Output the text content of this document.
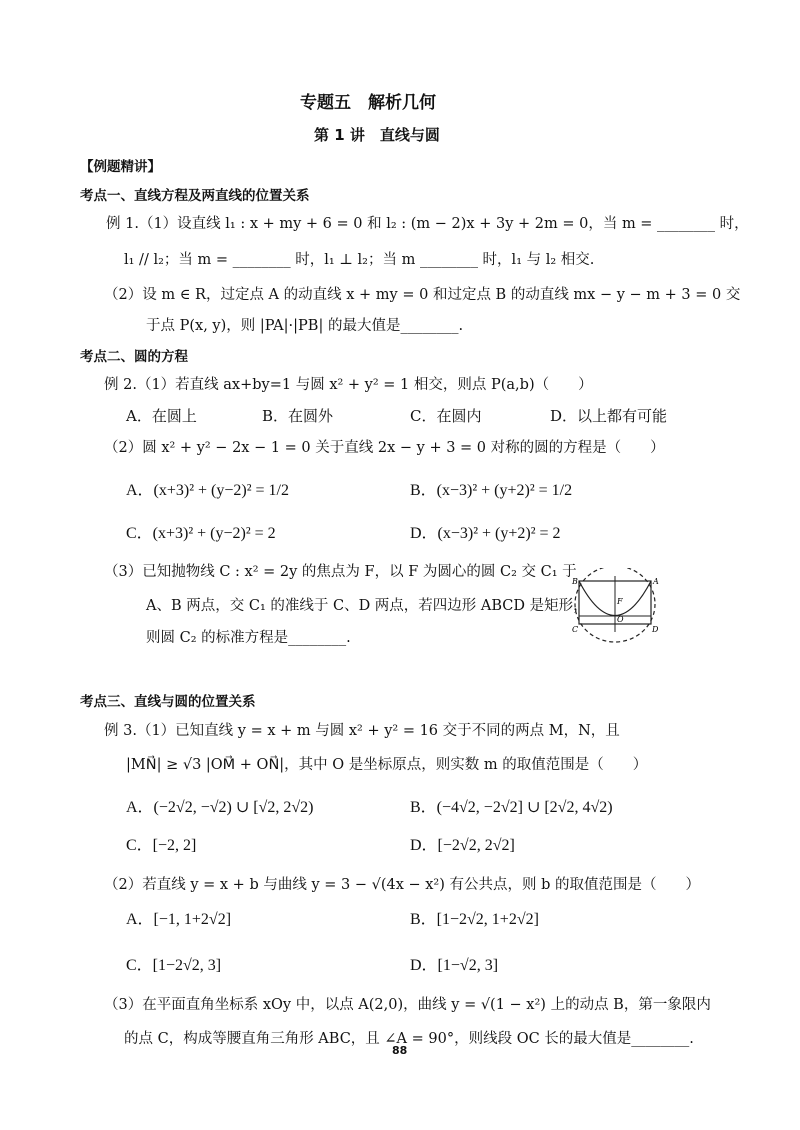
专题五　解析几何
第 1 讲　直线与圆
【例题精讲】
考点一、直线方程及两直线的位置关系
例 1.（1）设直线 l₁ : x + my + 6 = 0 和 l₂ : (m − 2)x + 3y + 2m = 0，当 m = ________ 时，
l₁ // l₂；当 m = ________ 时，l₁ ⊥ l₂；当 m ________ 时，l₁ 与 l₂ 相交.
（2）设 m ∈ R，过定点 A 的动直线 x + my = 0 和过定点 B 的动直线 mx − y − m + 3 = 0 交
于点 P(x, y)，则 |PA|·|PB| 的最大值是________.
考点二、圆的方程
例 2.（1）若直线 ax+by=1 与圆 x² + y² = 1 相交，则点 P(a,b)（　　）
A．在圆上	B．在圆外	C．在圆内	D．以上都有可能
（2）圆 x² + y² − 2x − 1 = 0 关于直线 2x − y + 3 = 0 对称的圆的方程是（　　）
A．(x+3)² + (y−2)² = 1/2	B．(x−3)² + (y+2)² = 1/2
C．(x+3)² + (y−2)² = 2	D．(x−3)² + (y+2)² = 2
（3）已知抛物线 C : x² = 2y 的焦点为 F，以 F 为圆心的圆 C₂ 交 C₁ 于
A、B 两点，交 C₁ 的准线于 C、D 两点，若四边形 ABCD 是矩形，
则圆 C₂ 的标准方程是________.
B	A
F
O
C	D
考点三、直线与圆的位置关系
例 3.（1）已知直线 y = x + m 与圆 x² + y² = 16 交于不同的两点 M，N，且
|MN⃗| ≥ √3 |OM⃗ + ON⃗|，其中 O 是坐标原点，则实数 m 的取值范围是（　　）
A．(−2√2, −√2) ∪ [√2, 2√2)	B．(−4√2, −2√2] ∪ [2√2, 4√2)
C．[−2, 2]	D．[−2√2, 2√2]
（2）若直线 y = x + b 与曲线 y = 3 − √(4x − x²) 有公共点，则 b 的取值范围是（　　）
A．[−1, 1+2√2]	B．[1−2√2, 1+2√2]
C．[1−2√2, 3]	D．[1−√2, 3]
（3）在平面直角坐标系 xOy 中，以点 A(2,0)，曲线 y = √(1 − x²) 上的动点 B，第一象限内
的点 C，构成等腰直角三角形 ABC，且 ∠A = 90°，则线段 OC 长的最大值是________.
88
